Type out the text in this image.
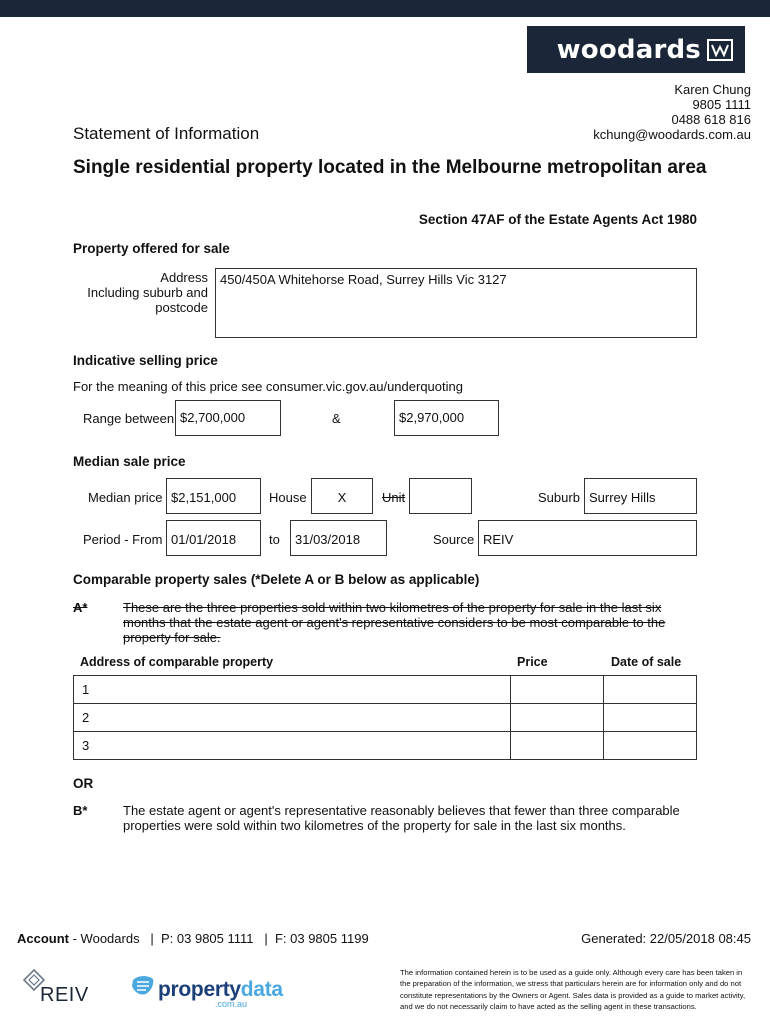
woodards
Karen Chung
9805 1111
0488 618 816
kchung@woodards.com.au
Statement of Information
Single residential property located in the Melbourne metropolitan area
Section 47AF of the Estate Agents Act 1980
Property offered for sale
Address
Including suburb and
postcode
450/450A Whitehorse Road, Surrey Hills Vic 3127
Indicative selling price
For the meaning of this price see consumer.vic.gov.au/underquoting
Range between $2,700,000	&	$2,970,000
Median sale price
Median price $2,151,000	House	X	Unit	Suburb Surrey Hills
Period - From 01/01/2018	to	31/03/2018	Source REIV
Comparable property sales (*Delete A or B below as applicable)
A*	These are the three properties sold within two kilometres of the property for sale in the last six months that the estate agent or agent's representative considers to be most comparable to the property for sale.
Address of comparable property	Price	Date of sale
1		
2		
3		
OR
B*	The estate agent or agent's representative reasonably believes that fewer than three comparable properties were sold within two kilometres of the property for sale in the last six months.
Account - Woodards   |  P: 03 9805 1111   |  F: 03 9805 1199	Generated: 22/05/2018 08:45
REIV	propertydata
.com.au
The information contained herein is to be used as a guide only. Although every care has been taken in the preparation of the information, we stress that particulars herein are for information only and do not constitute representations by the Owners or Agent. Sales data is provided as a guide to market activity, and we do not necessarily claim to have acted as the selling agent in these transactions.
